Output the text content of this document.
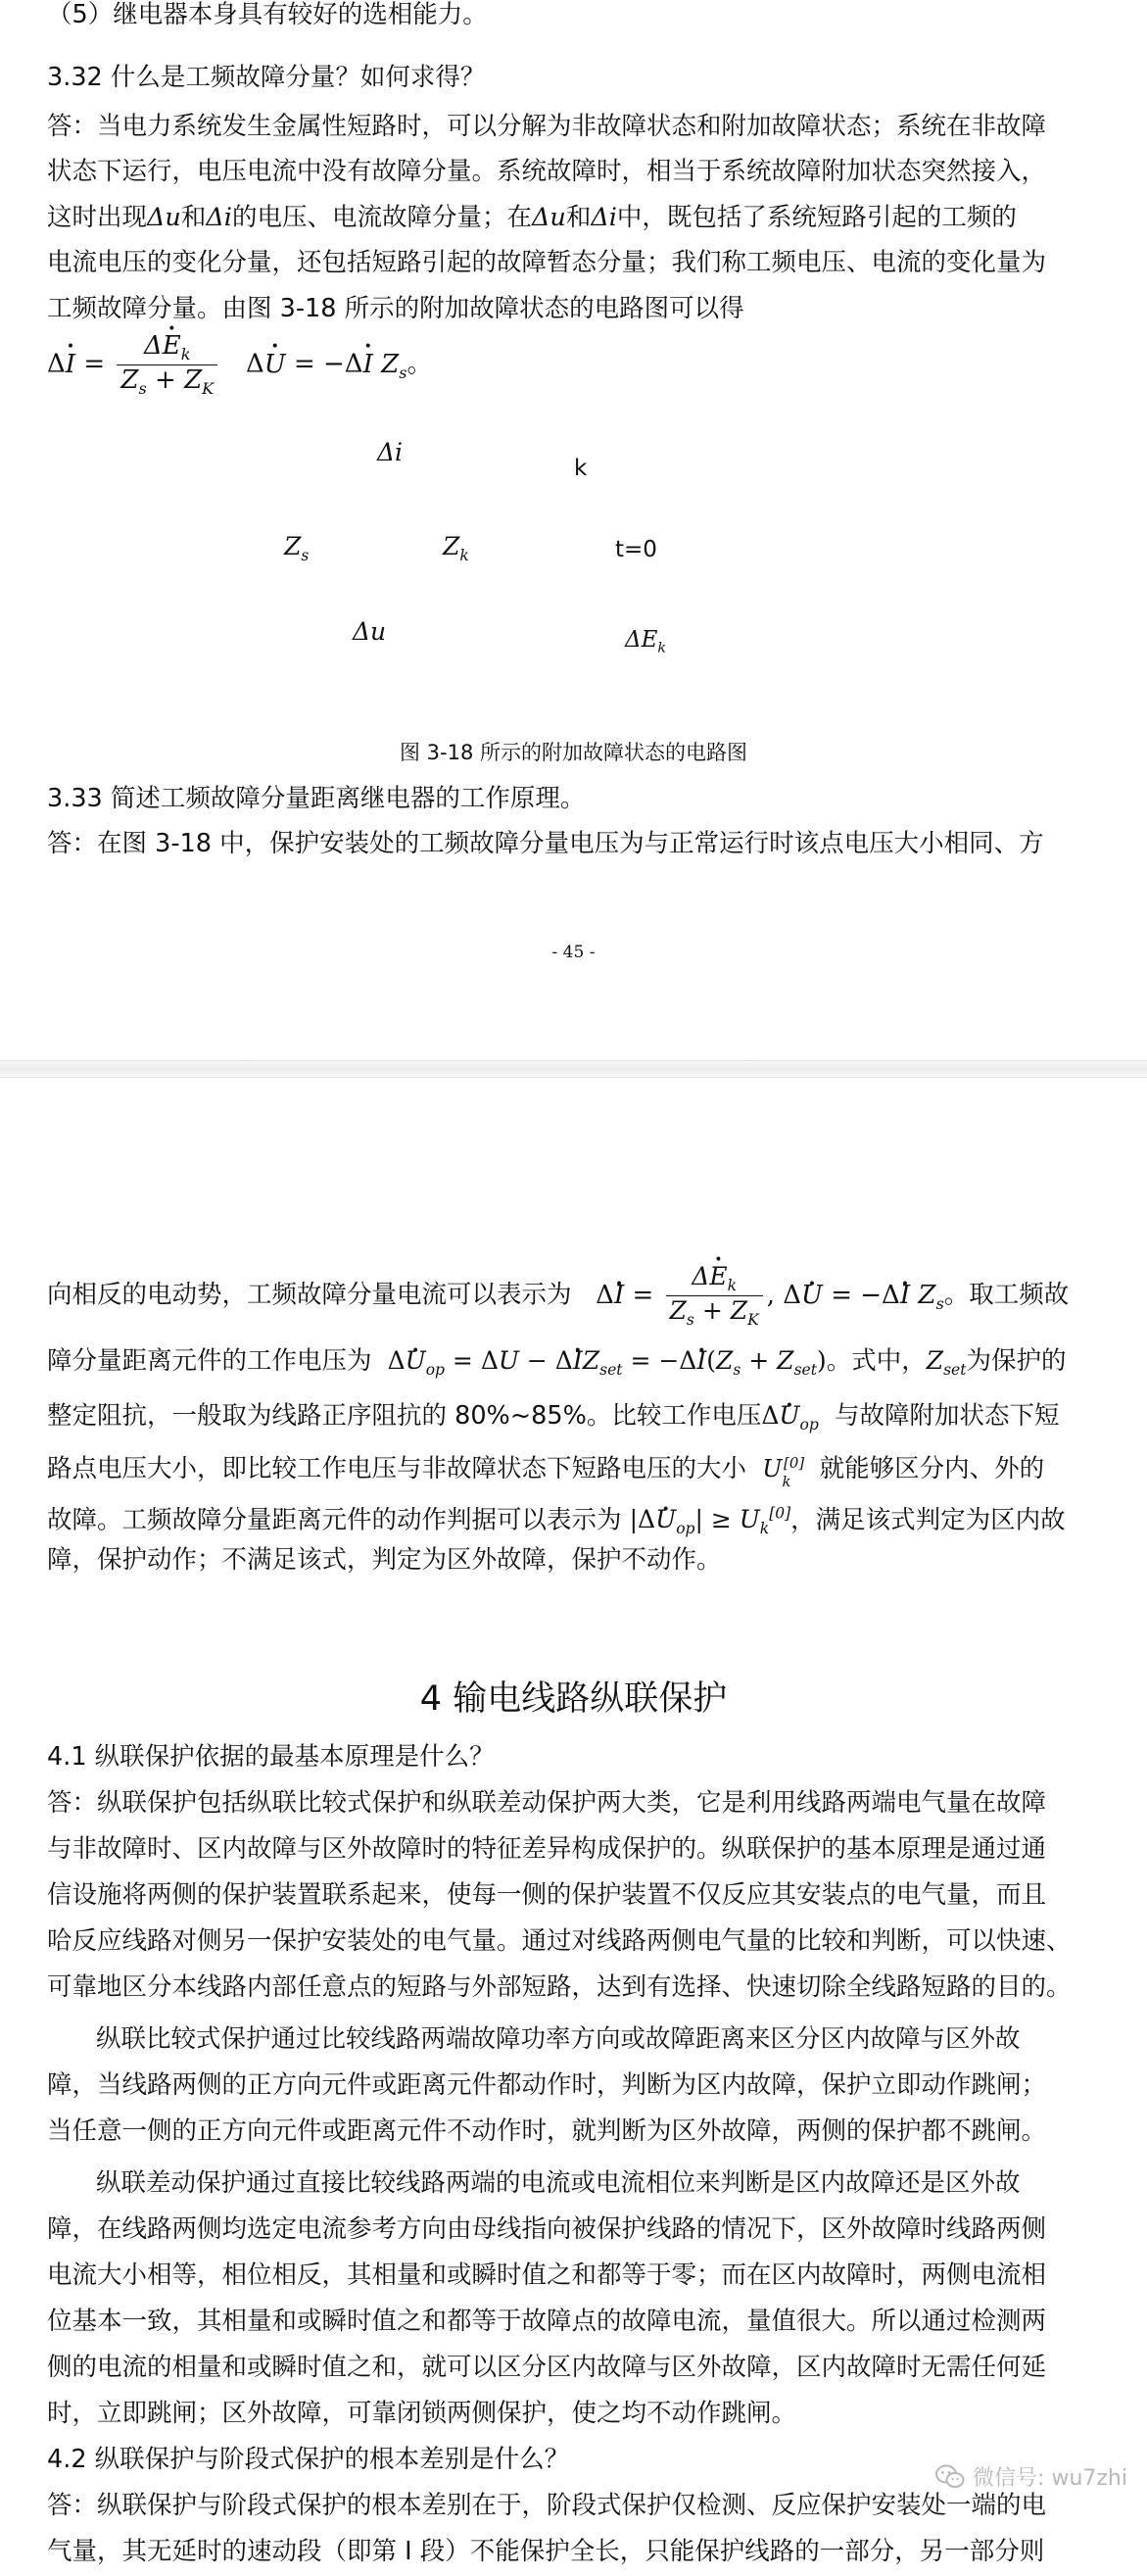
（5）继电器本身具有较好的选相能力。
3.32 什么是工频故障分量？如何求得？
答：当电力系统发生金属性短路时，可以分解为非故障状态和附加故障状态；系统在非故障
状态下运行，电压电流中没有故障分量。系统故障时，相当于系统故障附加状态突然接入，
这时出现Δu和Δi的电压、电流故障分量；在Δu和Δi中，既包括了系统短路引起的工频的
电流电压的变化分量，还包括短路引起的故障暂态分量；我们称工频电压、电流的变化量为
工频故障分量。由图 3-18 所示的附加故障状态的电路图可以得
Δ• $I = \frac{\Delta• E_k}{Z_s + Z_K}$ Δ• U = −Δ• I $Z_s$。
Δi
k
$Z_s$	$Z_k$	t=0
Δu	$\Delta E_k$
图 3-18 所示的附加故障状态的电路图
3.33 简述工频故障分量距离继电器的工作原理。
答：在图 3-18 中，保护安装处的工频故障分量电压为与正常运行时该点电压大小相同、方
- 45 -
向相反的电动势，工频故障分量电流可以表示为   Δ• $I = \frac{\Delta• E_k}{Z_s + Z_K}$ , Δ• U = −Δ• I $Z_s$。取工频故
障分量距离元件的工作电压为  Δ• $U_{op} = \Delta U$ − Δ• $IZ_{set}$ = −Δ• $I(Z_s + Z_{set})$。式中，$Z_{set}$为保护的
整定阻抗，一般取为线路正序阻抗的 80%~85%。比较工作电压Δ• $U_{op}$ 与故障附加状态下短
路点电压大小，即比较工作电压与非故障状态下短路电压的大小 $U_k[0]$ 就能够区分内、外的
故障。工频故障分量距离元件的动作判据可以表示为 |Δ• $U_{op}| \ge U_k[0]$，满足该式判定为区内故
障，保护动作；不满足该式，判定为区外故障，保护不动作。
4 输电线路纵联保护
4.1 纵联保护依据的最基本原理是什么？
答：纵联保护包括纵联比较式保护和纵联差动保护两大类，它是利用线路两端电气量在故障
与非故障时、区内故障与区外故障时的特征差异构成保护的。纵联保护的基本原理是通过通
信设施将两侧的保护装置联系起来，使每一侧的保护装置不仅反应其安装点的电气量，而且
哈反应线路对侧另一保护安装处的电气量。通过对线路两侧电气量的比较和判断，可以快速、
可靠地区分本线路内部任意点的短路与外部短路，达到有选择、快速切除全线路短路的目的。
纵联比较式保护通过比较线路两端故障功率方向或故障距离来区分区内故障与区外故
障，当线路两侧的正方向元件或距离元件都动作时，判断为区内故障，保护立即动作跳闸；
当任意一侧的正方向元件或距离元件不动作时，就判断为区外故障，两侧的保护都不跳闸。
纵联差动保护通过直接比较线路两端的电流或电流相位来判断是区内故障还是区外故
障，在线路两侧均选定电流参考方向由母线指向被保护线路的情况下，区外故障时线路两侧
电流大小相等，相位相反，其相量和或瞬时值之和都等于零；而在区内故障时，两侧电流相
位基本一致，其相量和或瞬时值之和都等于故障点的故障电流，量值很大。所以通过检测两
侧的电流的相量和或瞬时值之和，就可以区分区内故障与区外故障，区内故障时无需任何延
时，立即跳闸；区外故障，可靠闭锁两侧保护，使之均不动作跳闸。
4.2 纵联保护与阶段式保护的根本差别是什么？
答：纵联保护与阶段式保护的根本差别在于，阶段式保护仅检测、反应保护安装处一端的电
气量，其无延时的速动段（即第 I 段）不能保护全长，只能保护线路的一部分，另一部分则
微信号: wu7zhi
